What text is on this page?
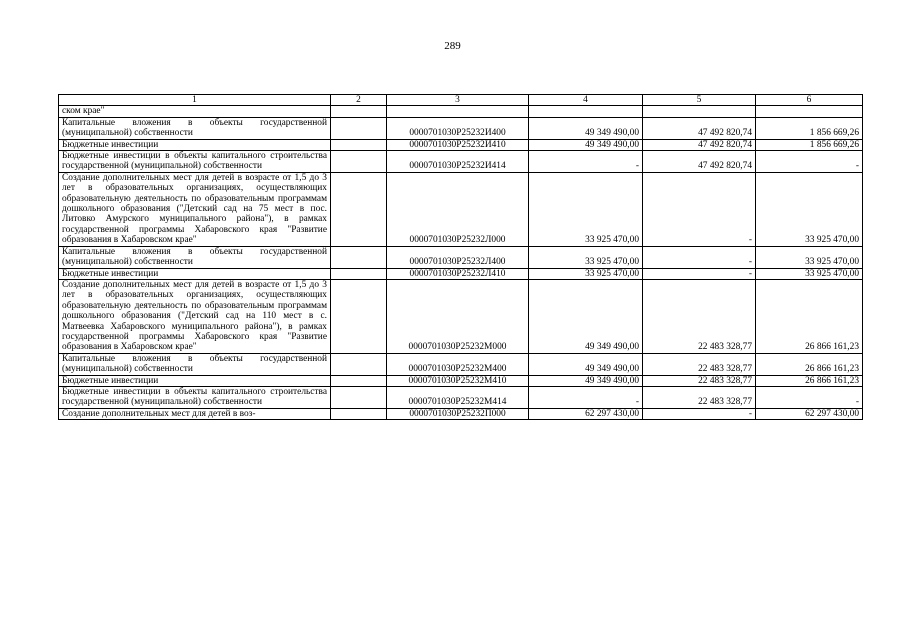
289
1	2	3	4	5	6
ском крае"					
Капитальные вложения в объекты государственной (муниципальной) собственности		0000701030Р25232И400	49 349 490,00	47 492 820,74	1 856 669,26
Бюджетные инвестиции		0000701030Р25232И410	49 349 490,00	47 492 820,74	1 856 669,26
Бюджетные инвестиции в объекты капитального строительства государственной (муниципальной) собственности		0000701030Р25232И414	-	47 492 820,74	-
Создание дополнительных мест для детей в возрасте от 1,5 до 3 лет в образовательных организациях, осуществляющих образовательную деятельность по образовательным программам дошкольного образования ("Детский сад на 75 мест в пос. Литовко Амурского муниципального района"), в рамках государственной программы Хабаровского края "Развитие образования в Хабаровском крае"		0000701030Р25232Л000	33 925 470,00	-	33 925 470,00
Капитальные вложения в объекты государственной (муниципальной) собственности		0000701030Р25232Л400	33 925 470,00	-	33 925 470,00
Бюджетные инвестиции		0000701030Р25232Л410	33 925 470,00	-	33 925 470,00
Создание дополнительных мест для детей в возрасте от 1,5 до 3 лет в образовательных организациях, осуществляющих образовательную деятельность по образовательным программам дошкольного образования ("Детский сад на 110 мест в с. Матвеевка Хабаровского муниципального района"), в рамках государственной программы Хабаровского края "Развитие образования в Хабаровском крае"		0000701030Р25232М000	49 349 490,00	22 483 328,77	26 866 161,23
Капитальные вложения в объекты государственной (муниципальной) собственности		0000701030Р25232М400	49 349 490,00	22 483 328,77	26 866 161,23
Бюджетные инвестиции		0000701030Р25232М410	49 349 490,00	22 483 328,77	26 866 161,23
Бюджетные инвестиции в объекты капитального строительства государственной (муниципальной) собственности		0000701030Р25232М414	-	22 483 328,77	-
Создание дополнительных мест для детей в воз-		0000701030Р25232П000	62 297 430,00	-	62 297 430,00
